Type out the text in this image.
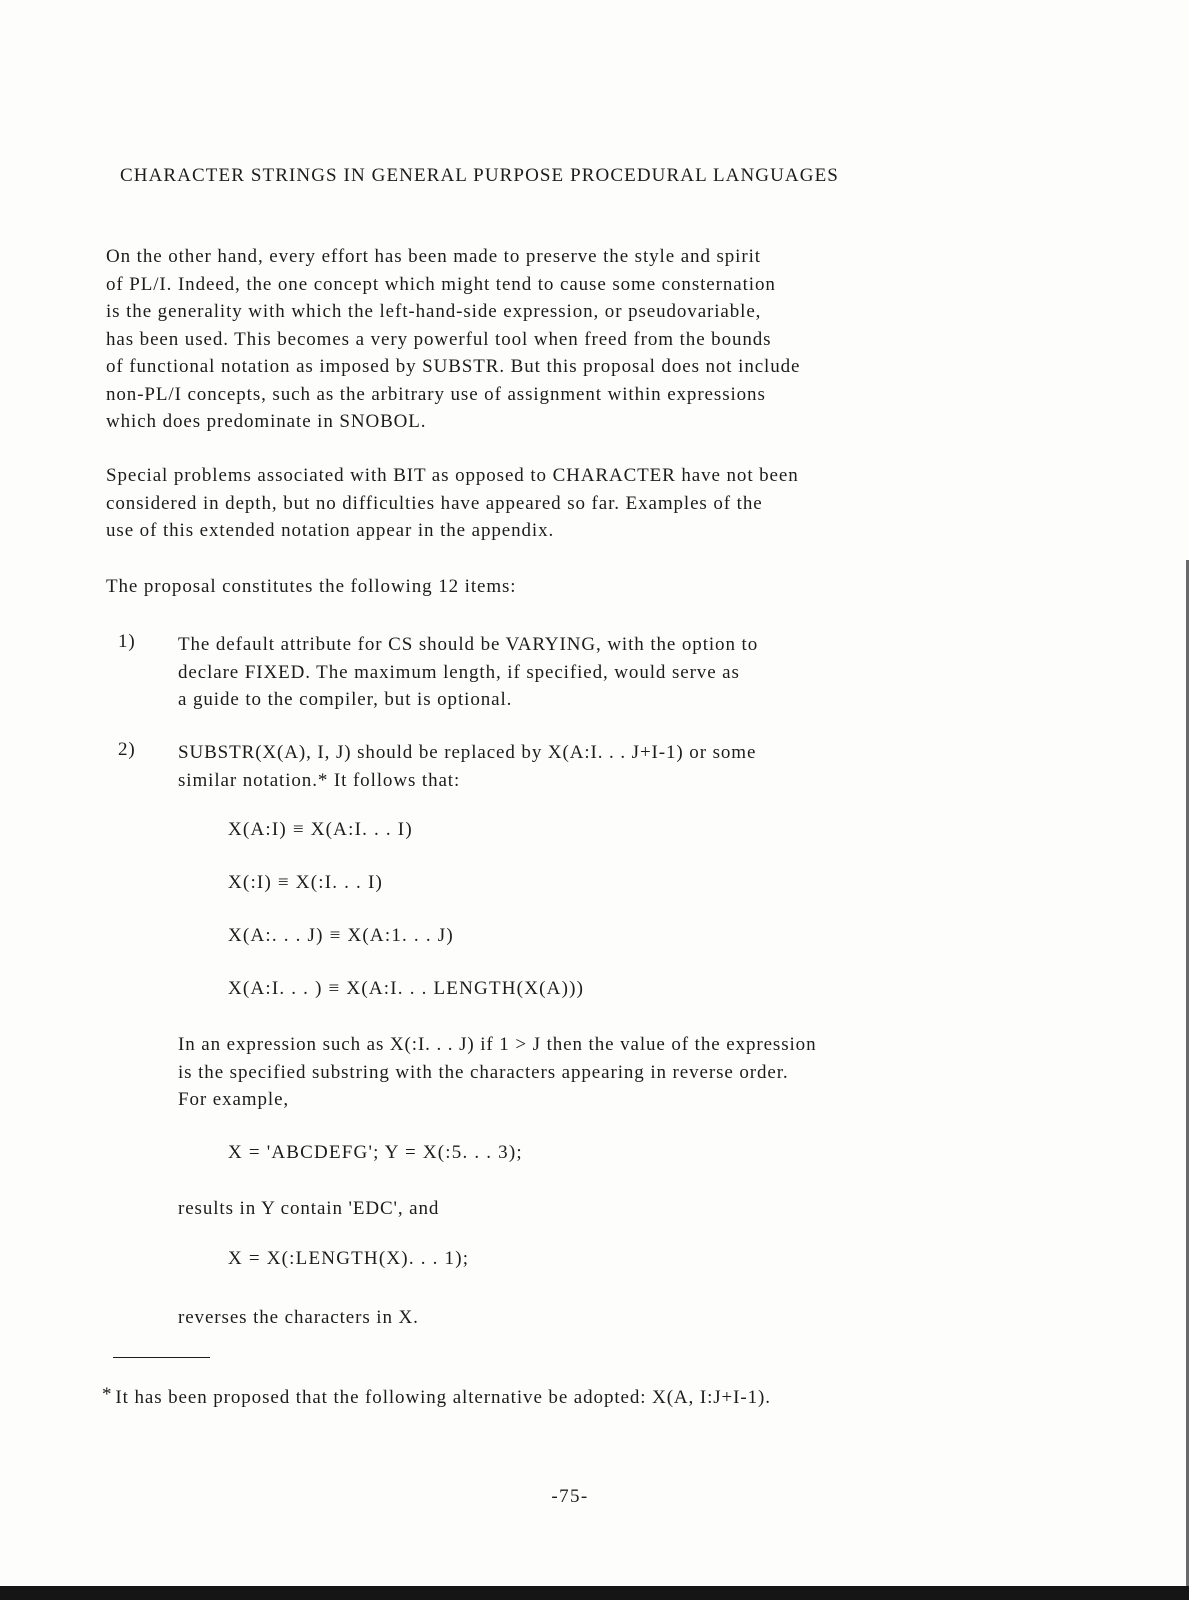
CHARACTER STRINGS IN GENERAL PURPOSE PROCEDURAL LANGUAGES

On the other hand, every effort has been made to preserve the style and spirit
of PL/I. Indeed, the one concept which might tend to cause some consternation
is the generality with which the left-hand-side expression, or pseudovariable,
has been used. This becomes a very powerful tool when freed from the bounds
of functional notation as imposed by SUBSTR. But this proposal does not include
non-PL/I concepts, such as the arbitrary use of assignment within expressions
which does predominate in SNOBOL.

Special problems associated with BIT as opposed to CHARACTER have not been
considered in depth, but no difficulties have appeared so far. Examples of the
use of this extended notation appear in the appendix.

The proposal constitutes the following 12 items:

1) The default attribute for CS should be VARYING, with the option to
declare FIXED. The maximum length, if specified, would serve as
a guide to the compiler, but is optional.
2) SUBSTR(X(A), I, J) should be replaced by X(A:I. . . J+I-1) or some
similar notation.* It follows that:
X(A:I) ≡ X(A:I. . . I)
X(:I) ≡ X(:I. . . I)
X(A:. . . J) ≡ X(A:1. . . J)
X(A:I. . . ) ≡ X(A:I. . . LENGTH(X(A)))
In an expression such as X(:I. . . J) if 1 > J then the value of the expression
is the specified substring with the characters appearing in reverse order.
For example,
X = 'ABCDEFG'; Y = X(:5. . . 3);
results in Y contain 'EDC', and
X = X(:LENGTH(X). . . 1);
reverses the characters in X.
* It has been proposed that the following alternative be adopted: X(A, I:J+I-1).
-75-
